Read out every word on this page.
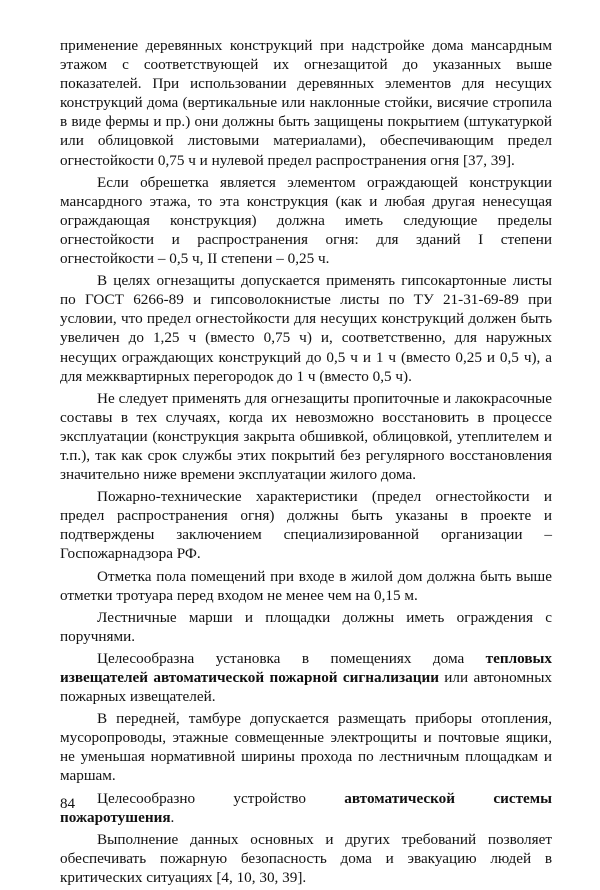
применение деревянных конструкций при надстройке дома мансардным этажом с соответствующей их огнезащитой до указанных выше показателей. При использовании деревянных элементов для несущих конструкций дома (вертикальные или наклонные стойки, висячие стропила в виде фермы и пр.) они должны быть защищены покрытием (штукатуркой или облицовкой листовыми материалами), обеспечивающим предел огнестойкости 0,75 ч и нулевой предел распространения огня [37, 39].

Если обрешетка является элементом ограждающей конструкции мансардного этажа, то эта конструкция (как и любая другая ненесущая ограждающая конструкция) должна иметь следующие пределы огнестойкости и распространения огня: для зданий I степени огнестойкости – 0,5 ч, II степени – 0,25 ч.

В целях огнезащиты допускается применять гипсокартонные листы по ГОСТ 6266-89 и гипсоволокнистые листы по ТУ 21-31-69-89 при условии, что предел огнестойкости для несущих конструкций должен быть увеличен до 1,25 ч (вместо 0,75 ч) и, соответственно, для наружных несущих ограждающих конструкций до 0,5 ч и 1 ч (вместо 0,25 и 0,5 ч), а для межквартирных перегородок до 1 ч (вместо 0,5 ч).

Не следует применять для огнезащиты пропиточные и лакокрасочные составы в тех случаях, когда их невозможно восстановить в процессе эксплуатации (конструкция закрыта обшивкой, облицовкой, утеплителем и т.п.), так как срок службы этих покрытий без регулярного восстановления значительно ниже времени эксплуатации жилого дома.

Пожарно-технические характеристики (предел огнестойкости и предел распространения огня) должны быть указаны в проекте и подтверждены заключением специализированной организации – Госпожарнадзора РФ.

Отметка пола помещений при входе в жилой дом должна быть выше отметки тротуара перед входом не менее чем на 0,15 м.

Лестничные марши и площадки должны иметь ограждения с поручнями.

Целесообразна установка в помещениях дома тепловых извещателей автоматической пожарной сигнализации или автономных пожарных извещателей.

В передней, тамбуре допускается размещать приборы отопления, мусоропроводы, этажные совмещенные электрощиты и почтовые ящики, не уменьшая нормативной ширины прохода по лестничным площадкам и маршам.

Целесообразно устройство автоматической системы пожаротушения.

Выполнение данных основных и других требований позволяет обеспечивать пожарную безопасность дома и эвакуацию людей в критических ситуациях [4, 10, 30, 39].

84
